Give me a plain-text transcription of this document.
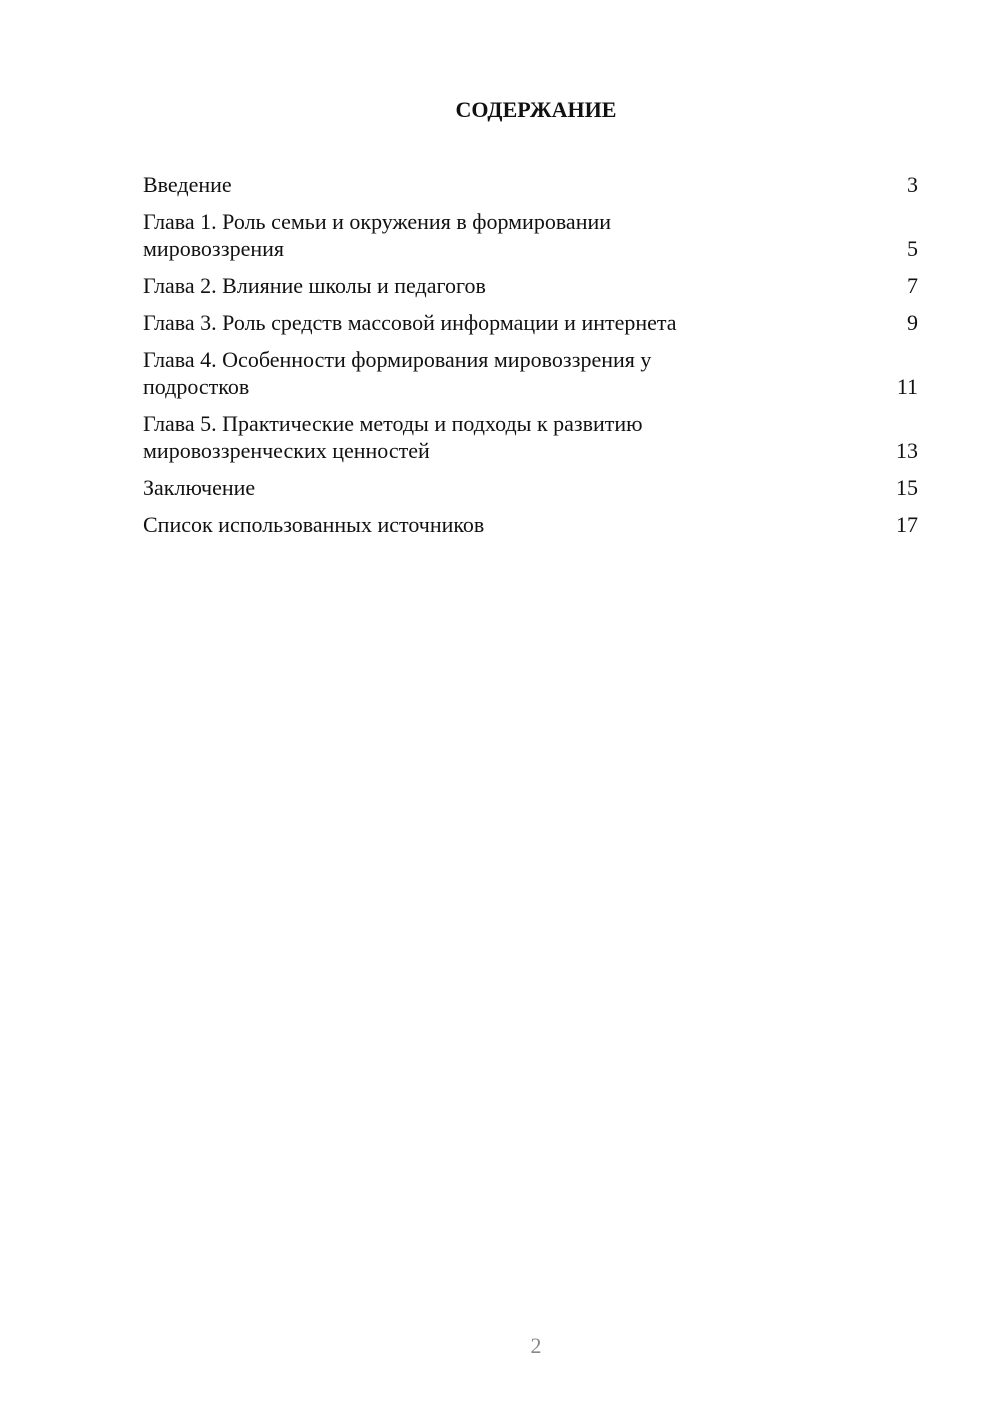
СОДЕРЖАНИЕ
Введение	3
Глава 1. Роль семьи и окружения в формировании мировоззрения	5
Глава 2. Влияние школы и педагогов	7
Глава 3. Роль средств массовой информации и интернета	9
Глава 4. Особенности формирования мировоззрения у подростков	11
Глава 5. Практические методы и подходы к развитию мировоззренческих ценностей	13
Заключение	15
Список использованных источников	17
2
